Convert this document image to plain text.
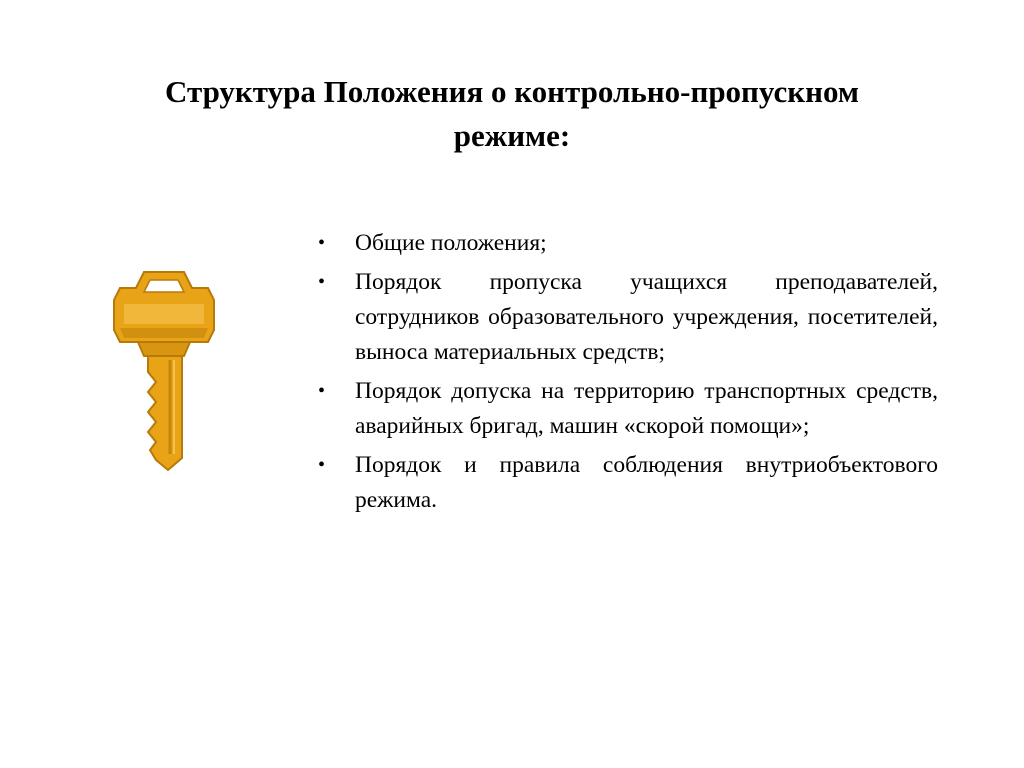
Структура Положения о контрольно-пропускном
режиме:
• Общие положения;
• Порядок пропуска учащихся преподавателей, сотрудников образовательного учреждения, посетителей, выноса материальных средств;
• Порядок допуска на территорию транспортных средств, аварийных бригад, машин «скорой помощи»;
• Порядок и правила соблюдения внутриобъектового режима.
